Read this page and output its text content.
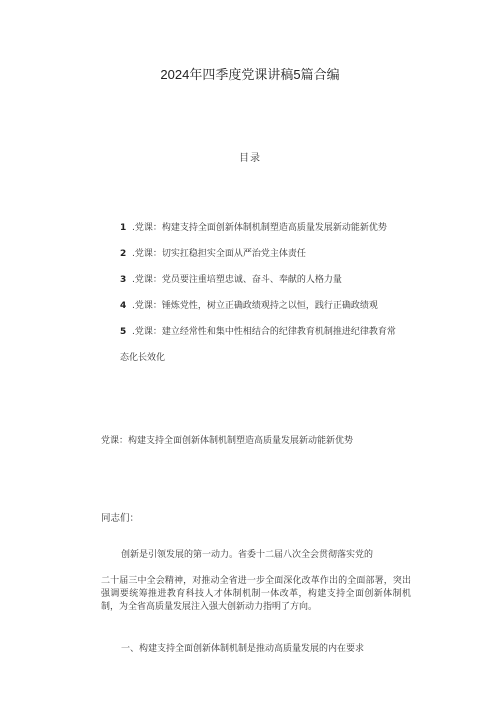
2024年四季度党课讲稿5篇合编
目录
1 .党课：构建支持全面创新体制机制塑造高质量发展新动能新优势
2 .党课：切实扛稳担实全面从严治党主体责任
3 .党课：党员要注重培塑忠诚、奋斗、奉献的人格力量
4 .党课：锤炼党性，树立正确政绩观持之以恒，践行正确政绩观
5 .党课：建立经常性和集中性相结合的纪律教育机制推进纪律教育常
态化长效化
党课：构建支持全面创新体制机制塑造高质量发展新动能新优势
同志们：
创新是引领发展的第一动力。省委十二届八次全会贯彻落实党的
二十届三中全会精神，对推动全省进一步全面深化改革作出的全面部署，突出强调要统筹推进教育科技人才体制机制一体改革，构建支持全面创新体制机制，为全省高质量发展注入强大创新动力指明了方向。
一、构建支持全面创新体制机制是推动高质量发展的内在要求
